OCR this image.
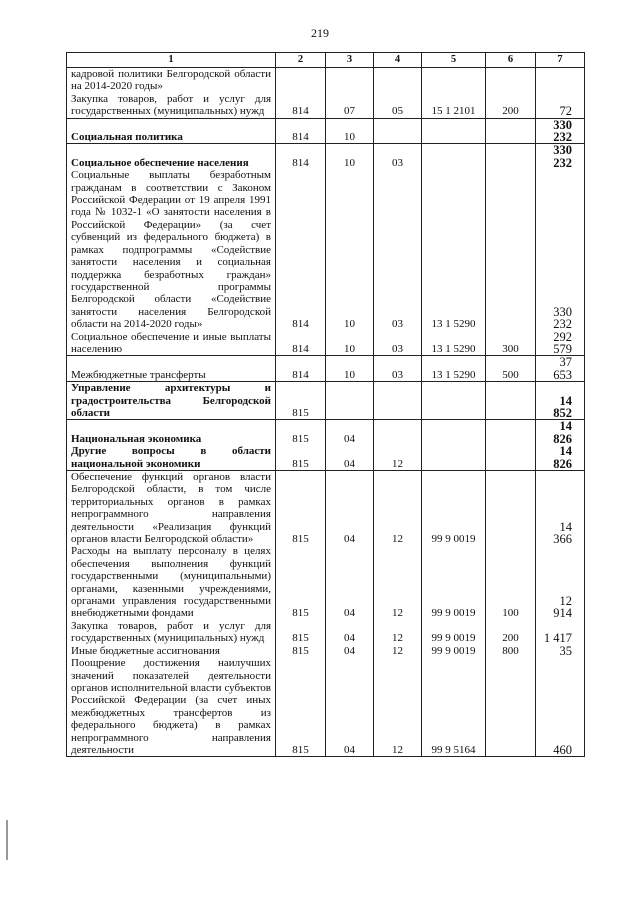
219
1	2	3	4	5	6	7
кадровой политики Белгородской области на 2014-2020 годы»						
Закупка товаров, работ и услуг для государственных (муниципальных) нужд	814	07	05	15 1 2101	200	72
Социальная политика	814	10				330 232
Социальное обеспечение населения	814	10	03			330 232
Социальные выплаты безработным гражданам в соответствии с Законом Российской Федерации от 19 апреля 1991 года № 1032-1 «О занятости населения в Российской Федерации» (за счет субвенций из федерального бюджета) в рамках подпрограммы «Содействие занятости населения и социальная поддержка безработных граждан» государственной программы Белгородской области «Содействие занятости населения Белгородской области на 2014-2020 годы»	814	10	03	13 1 5290		330 232
Социальное обеспечение и иные выплаты населению	814	10	03	13 1 5290	300	292 579
Межбюджетные трансферты	814	10	03	13 1 5290	500	37 653
Управление архитектуры и градостроительства Белгородской области	815					14 852
Национальная экономика	815	04				14 826
Другие вопросы в области национальной экономики	815	04	12			14 826
Обеспечение функций органов власти Белгородской области, в том числе территориальных органов в рамках непрограммного направления деятельности «Реализация функций органов власти Белгородской области»	815	04	12	99 9 0019		14 366
Расходы на выплату персоналу в целях обеспечения выполнения функций государственными (муниципальными) органами, казенными учреждениями, органами управления государственными внебюджетными фондами	815	04	12	99 9 0019	100	12 914
Закупка товаров, работ и услуг для государственных (муниципальных) нужд	815	04	12	99 9 0019	200	1 417
Иные бюджетные ассигнования	815	04	12	99 9 0019	800	35
Поощрение достижения наилучших значений показателей деятельности органов исполнительной власти субъектов Российской Федерации (за счет иных межбюджетных трансфертов из федерального бюджета) в рамках непрограммного направления деятельности	815	04	12	99 9 5164		460
